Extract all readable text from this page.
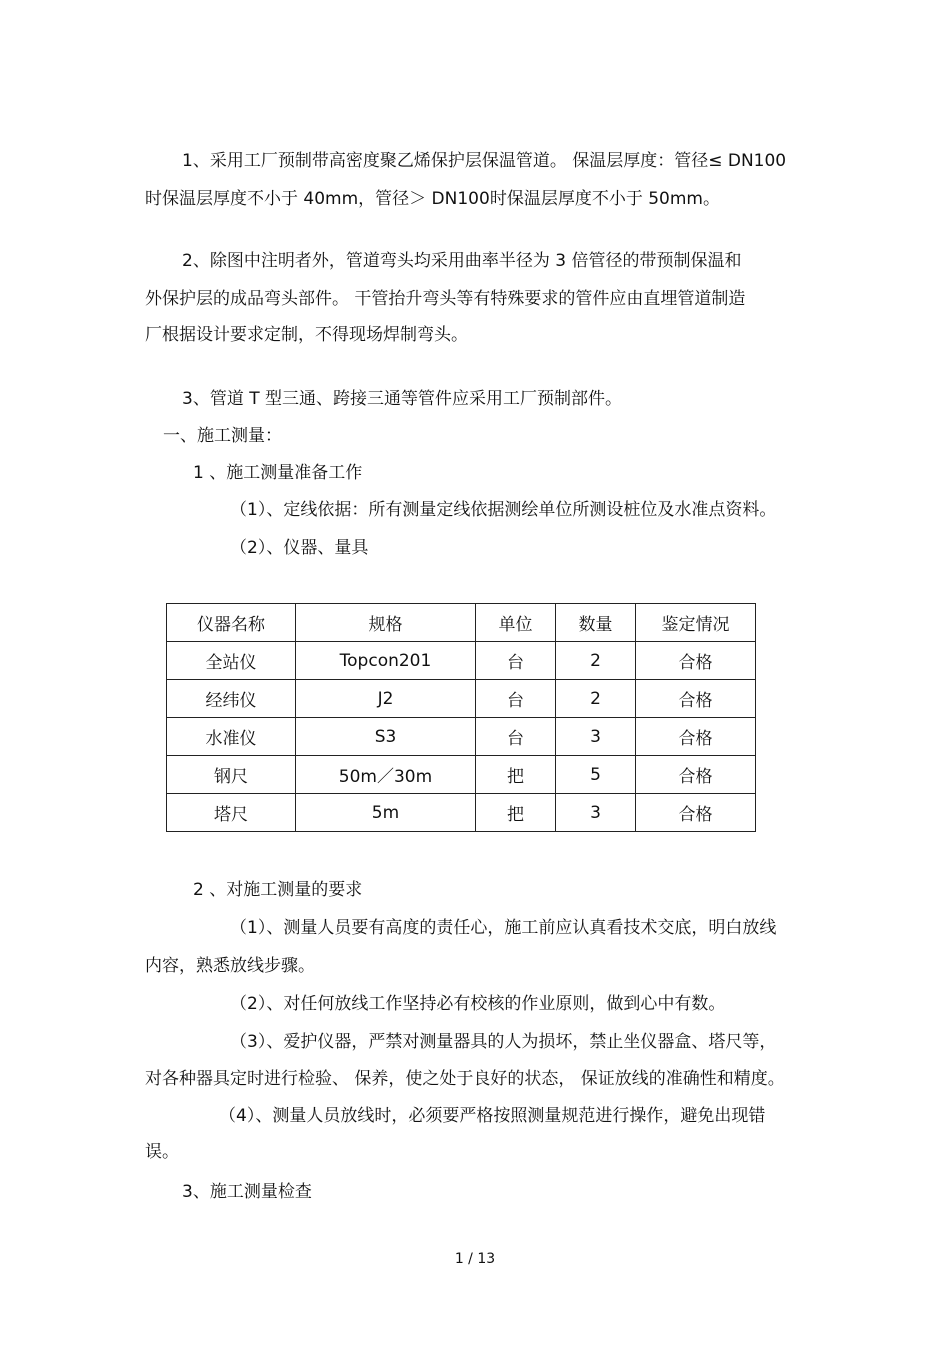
1、采用工厂预制带高密度聚乙烯保护层保温管道。 保温层厚度：管径≤ DN100
时保温层厚度不小于 40mm，管径＞ DN100时保温层厚度不小于 50mm。
2、除图中注明者外，管道弯头均采用曲率半径为 3 倍管径的带预制保温和
外保护层的成品弯头部件。 干管抬升弯头等有特殊要求的管件应由直埋管道制造
厂根据设计要求定制，不得现场焊制弯头。
3、管道 T 型三通、跨接三通等管件应采用工厂预制部件。
一、施工测量：
1 、施工测量准备工作
（1）、定线依据：所有测量定线依据测绘单位所测设桩位及水准点资料。
（2）、仪器、量具
仪器名称	规格	单位	数量	鉴定情况
全站仪	Topcon201	台	2	合格
经纬仪	J2	台	2	合格
水准仪	S3	台	3	合格
钢尺	50m／30m	把	5	合格
塔尺	5m	把	3	合格
2 、对施工测量的要求
（1）、测量人员要有高度的责任心，施工前应认真看技术交底，明白放线
内容，熟悉放线步骤。
（2）、对任何放线工作坚持必有校核的作业原则，做到心中有数。
（3）、爱护仪器，严禁对测量器具的人为损坏，禁止坐仪器盒、塔尺等，
对各种器具定时进行检验、 保养，使之处于良好的状态， 保证放线的准确性和精度。
（4）、测量人员放线时，必须要严格按照测量规范进行操作，避免出现错
误。
3、施工测量检查
1 / 13
